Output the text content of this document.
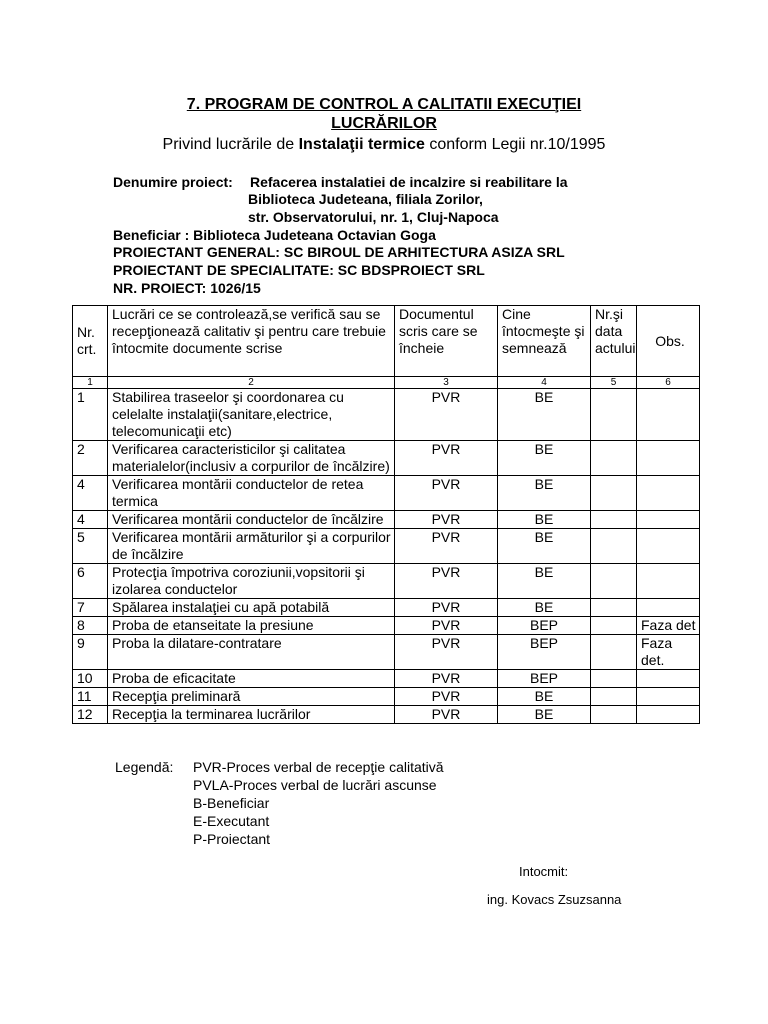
7. PROGRAM DE CONTROL A CALITATII EXECUŢIEI
LUCRĂRILOR
Privind lucrările de Instalaţii termice conform Legii nr.10/1995
Denumire proiect: Refacerea instalatiei de incalzire si reabilitare la
Biblioteca Judeteana, filiala Zorilor,
str. Observatorului, nr. 1, Cluj-Napoca
Beneficiar : Biblioteca Judeteana Octavian Goga
PROIECTANT GENERAL: SC BIROUL DE ARHITECTURA ASIZA SRL
PROIECTANT DE SPECIALITATE: SC BDSPROIECT SRL
NR. PROIECT: 1026/15
Nr. crt.	Lucrări ce se controlează,se verifică sau se recepţionează calitativ şi pentru care trebuie întocmite documente scrise	Documentul scris care se încheie	Cine întocmeşte şi semnează	Nr.şi data actului	Obs.
1	2	3	4	5	6
1	Stabilirea traseelor şi coordonarea cu celelalte instalaţii(sanitare,electrice, telecomunicaţii etc)	PVR	BE		
2	Verificarea caracteristicilor şi calitatea materialelor(inclusiv a corpurilor de încălzire)	PVR	BE		
4	Verificarea montării conductelor de retea termica	PVR	BE		
4	Verificarea montării conductelor de încălzire	PVR	BE		
5	Verificarea montării armăturilor şi a corpurilor de încălzire	PVR	BE		
6	Protecţia împotriva coroziunii,vopsitorii şi izolarea conductelor	PVR	BE		
7	Spălarea instalaţiei cu apă potabilă	PVR	BE		
8	Proba de etanseitate la presiune	PVR	BEP		Faza det
9	Proba la dilatare-contratare	PVR	BEP		Faza det.
10	Proba de eficacitate	PVR	BEP		
11	Recepţia preliminară	PVR	BE		
12	Recepţia la terminarea lucrărilor	PVR	BE		
Legendă: PVR-Proces verbal de recepţie calitativă
PVLA-Proces verbal de lucrări ascunse
B-Beneficiar
E-Executant
P-Proiectant
Intocmit:
ing. Kovacs Zsuzsanna
